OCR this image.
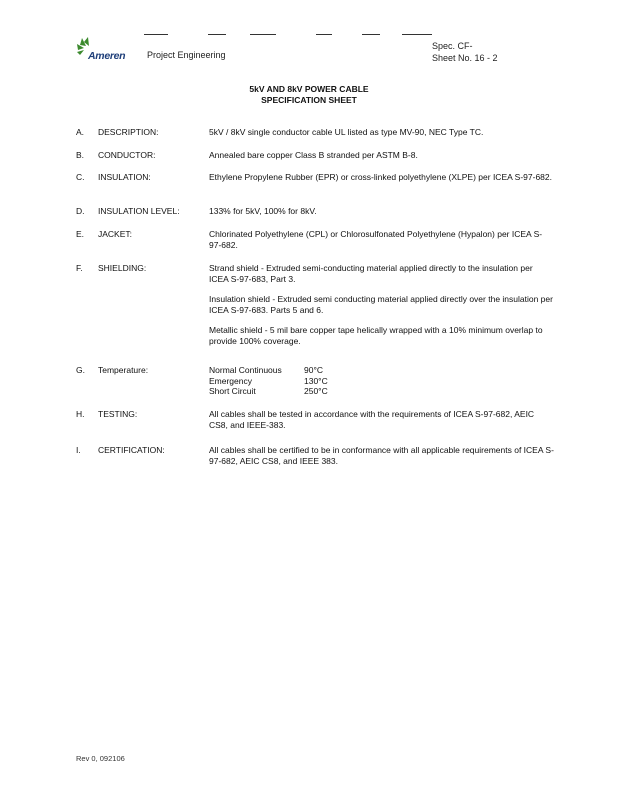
Ameren Project Engineering
Spec. CF-
Sheet No. 16 - 2
5kV AND 8kV POWER CABLE
SPECIFICATION SHEET
A.	DESCRIPTION:	5kV / 8kV single conductor cable UL listed as type MV-90, NEC Type TC.

B.	CONDUCTOR:	Annealed bare copper Class B stranded per ASTM B-8.

C.	INSULATION:	Ethylene Propylene Rubber (EPR) or cross-linked polyethylene (XLPE) per ICEA S-97-682.

D.	INSULATION LEVEL:	133% for 5kV, 100% for 8kV.

E.	JACKET:	Chlorinated Polyethylene (CPL) or Chlorosulfonated Polyethylene (Hypalon) per ICEA S-97-682.

F.	SHIELDING:	Strand shield - Extruded semi-conducting material applied directly to the insulation per ICEA S-97-683, Part 3.

Insulation shield - Extruded semi conducting material applied directly over the insulation per ICEA S-97-683. Parts 5 and 6.

Metallic shield - 5 mil bare copper tape helically wrapped with a 10% minimum overlap to provide 100% coverage.

G.	Temperature:	Normal Continuous	90°C
Emergency	130°C
Short Circuit	250°C
H.	TESTING:	All cables shall be tested in accordance with the requirements of ICEA S-97-682, AEIC CS8, and IEEE-383.

I.	CERTIFICATION:	All cables shall be certified to be in conformance with all applicable requirements of ICEA S-97-682, AEIC CS8, and IEEE 383.

Rev 0, 092106
